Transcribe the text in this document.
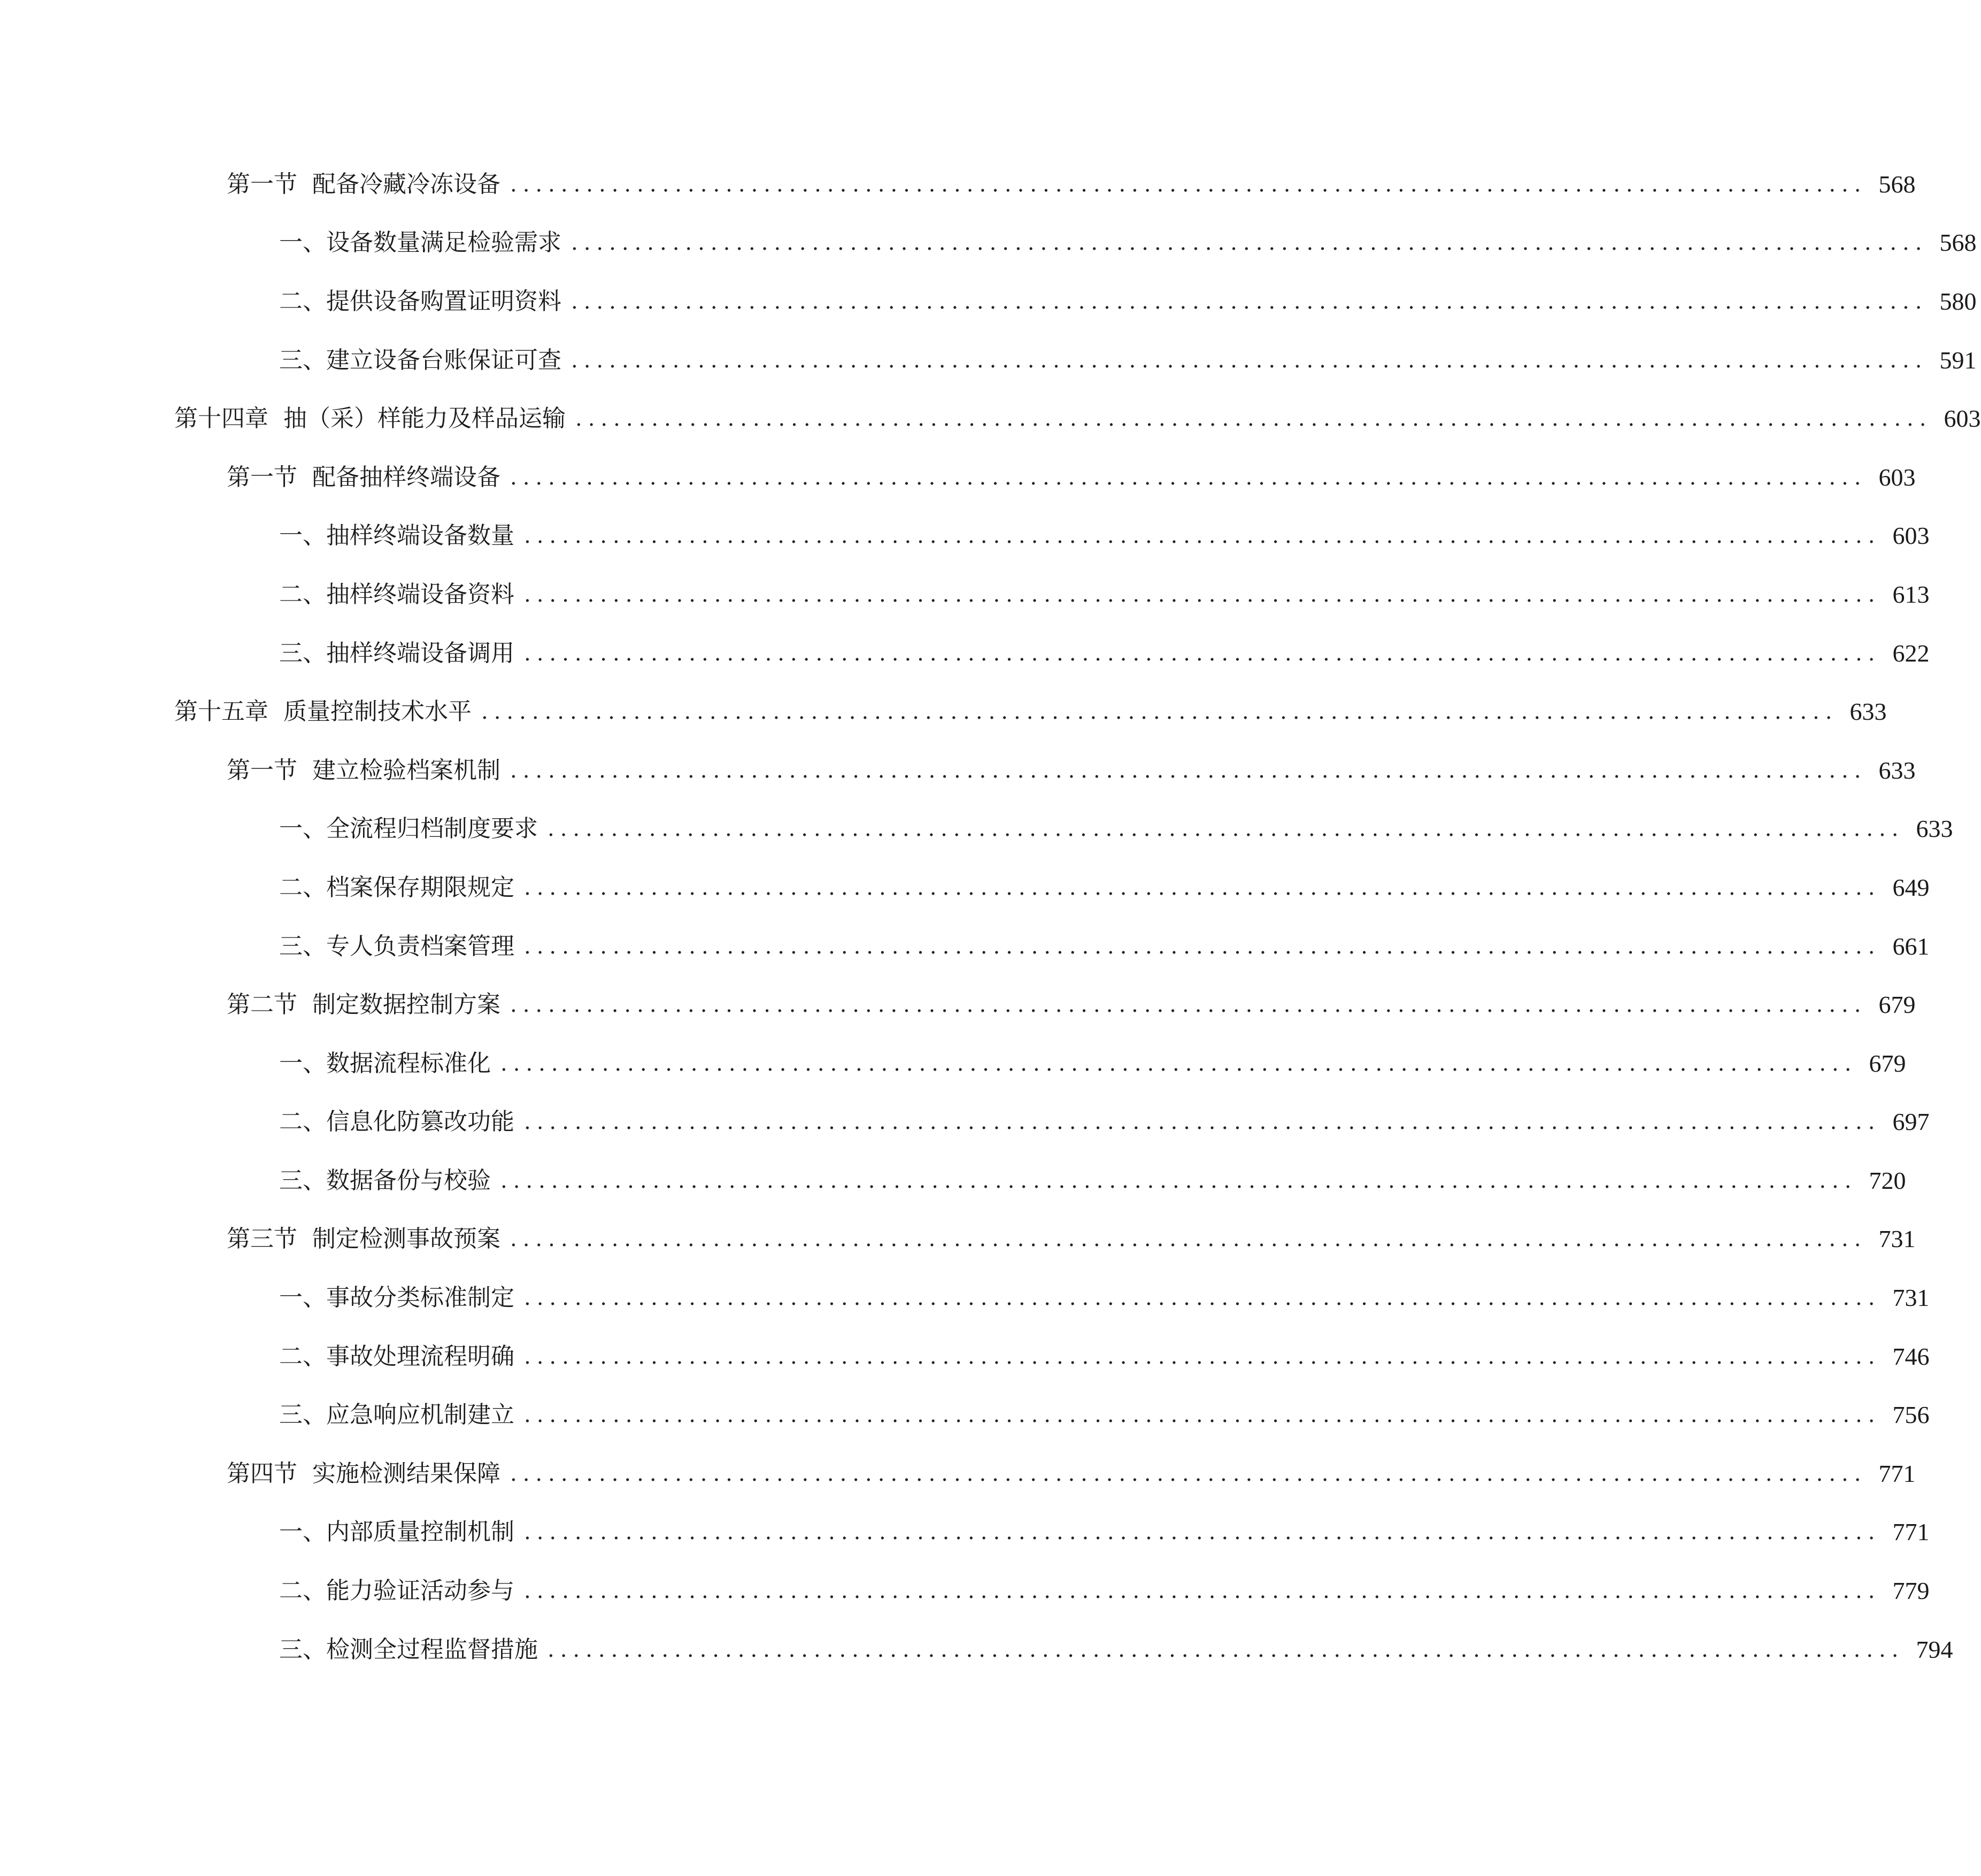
第一节 配备冷藏冷冻设备 ........................................................................................................... 568
一、 设备数量满足检验需求 ........................................................................................................... 568
二、 提供设备购置证明资料 ........................................................................................................... 580
三、 建立设备台账保证可查 ........................................................................................................... 591
第十四章 抽（采）样能力及样品运输 ........................................................................................................... 603
第一节 配备抽样终端设备 ........................................................................................................... 603
一、 抽样终端设备数量 ........................................................................................................... 603
二、 抽样终端设备资料 ........................................................................................................... 613
三、 抽样终端设备调用 ........................................................................................................... 622
第十五章 质量控制技术水平 ........................................................................................................... 633
第一节 建立检验档案机制 ........................................................................................................... 633
一、 全流程归档制度要求 ........................................................................................................... 633
二、 档案保存期限规定 ........................................................................................................... 649
三、 专人负责档案管理 ........................................................................................................... 661
第二节 制定数据控制方案 ........................................................................................................... 679
一、 数据流程标准化 ........................................................................................................... 679
二、 信息化防篡改功能 ........................................................................................................... 697
三、 数据备份与校验 ........................................................................................................... 720
第三节 制定检测事故预案 ........................................................................................................... 731
一、 事故分类标准制定 ........................................................................................................... 731
二、 事故处理流程明确 ........................................................................................................... 746
三、 应急响应机制建立 ........................................................................................................... 756
第四节 实施检测结果保障 ........................................................................................................... 771
一、 内部质量控制机制 ........................................................................................................... 771
二、 能力验证活动参与 ........................................................................................................... 779
三、 检测全过程监督措施 ........................................................................................................... 794
